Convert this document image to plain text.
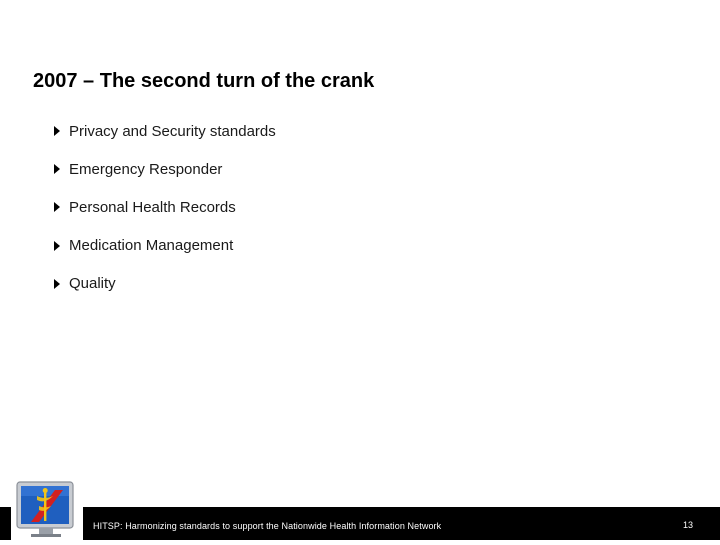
2007 – The second turn of the crank
Privacy and Security standards
Emergency Responder
Personal Health Records
Medication Management
Quality
HITSP: Harmonizing standards to support the Nationwide Health Information Network	13
